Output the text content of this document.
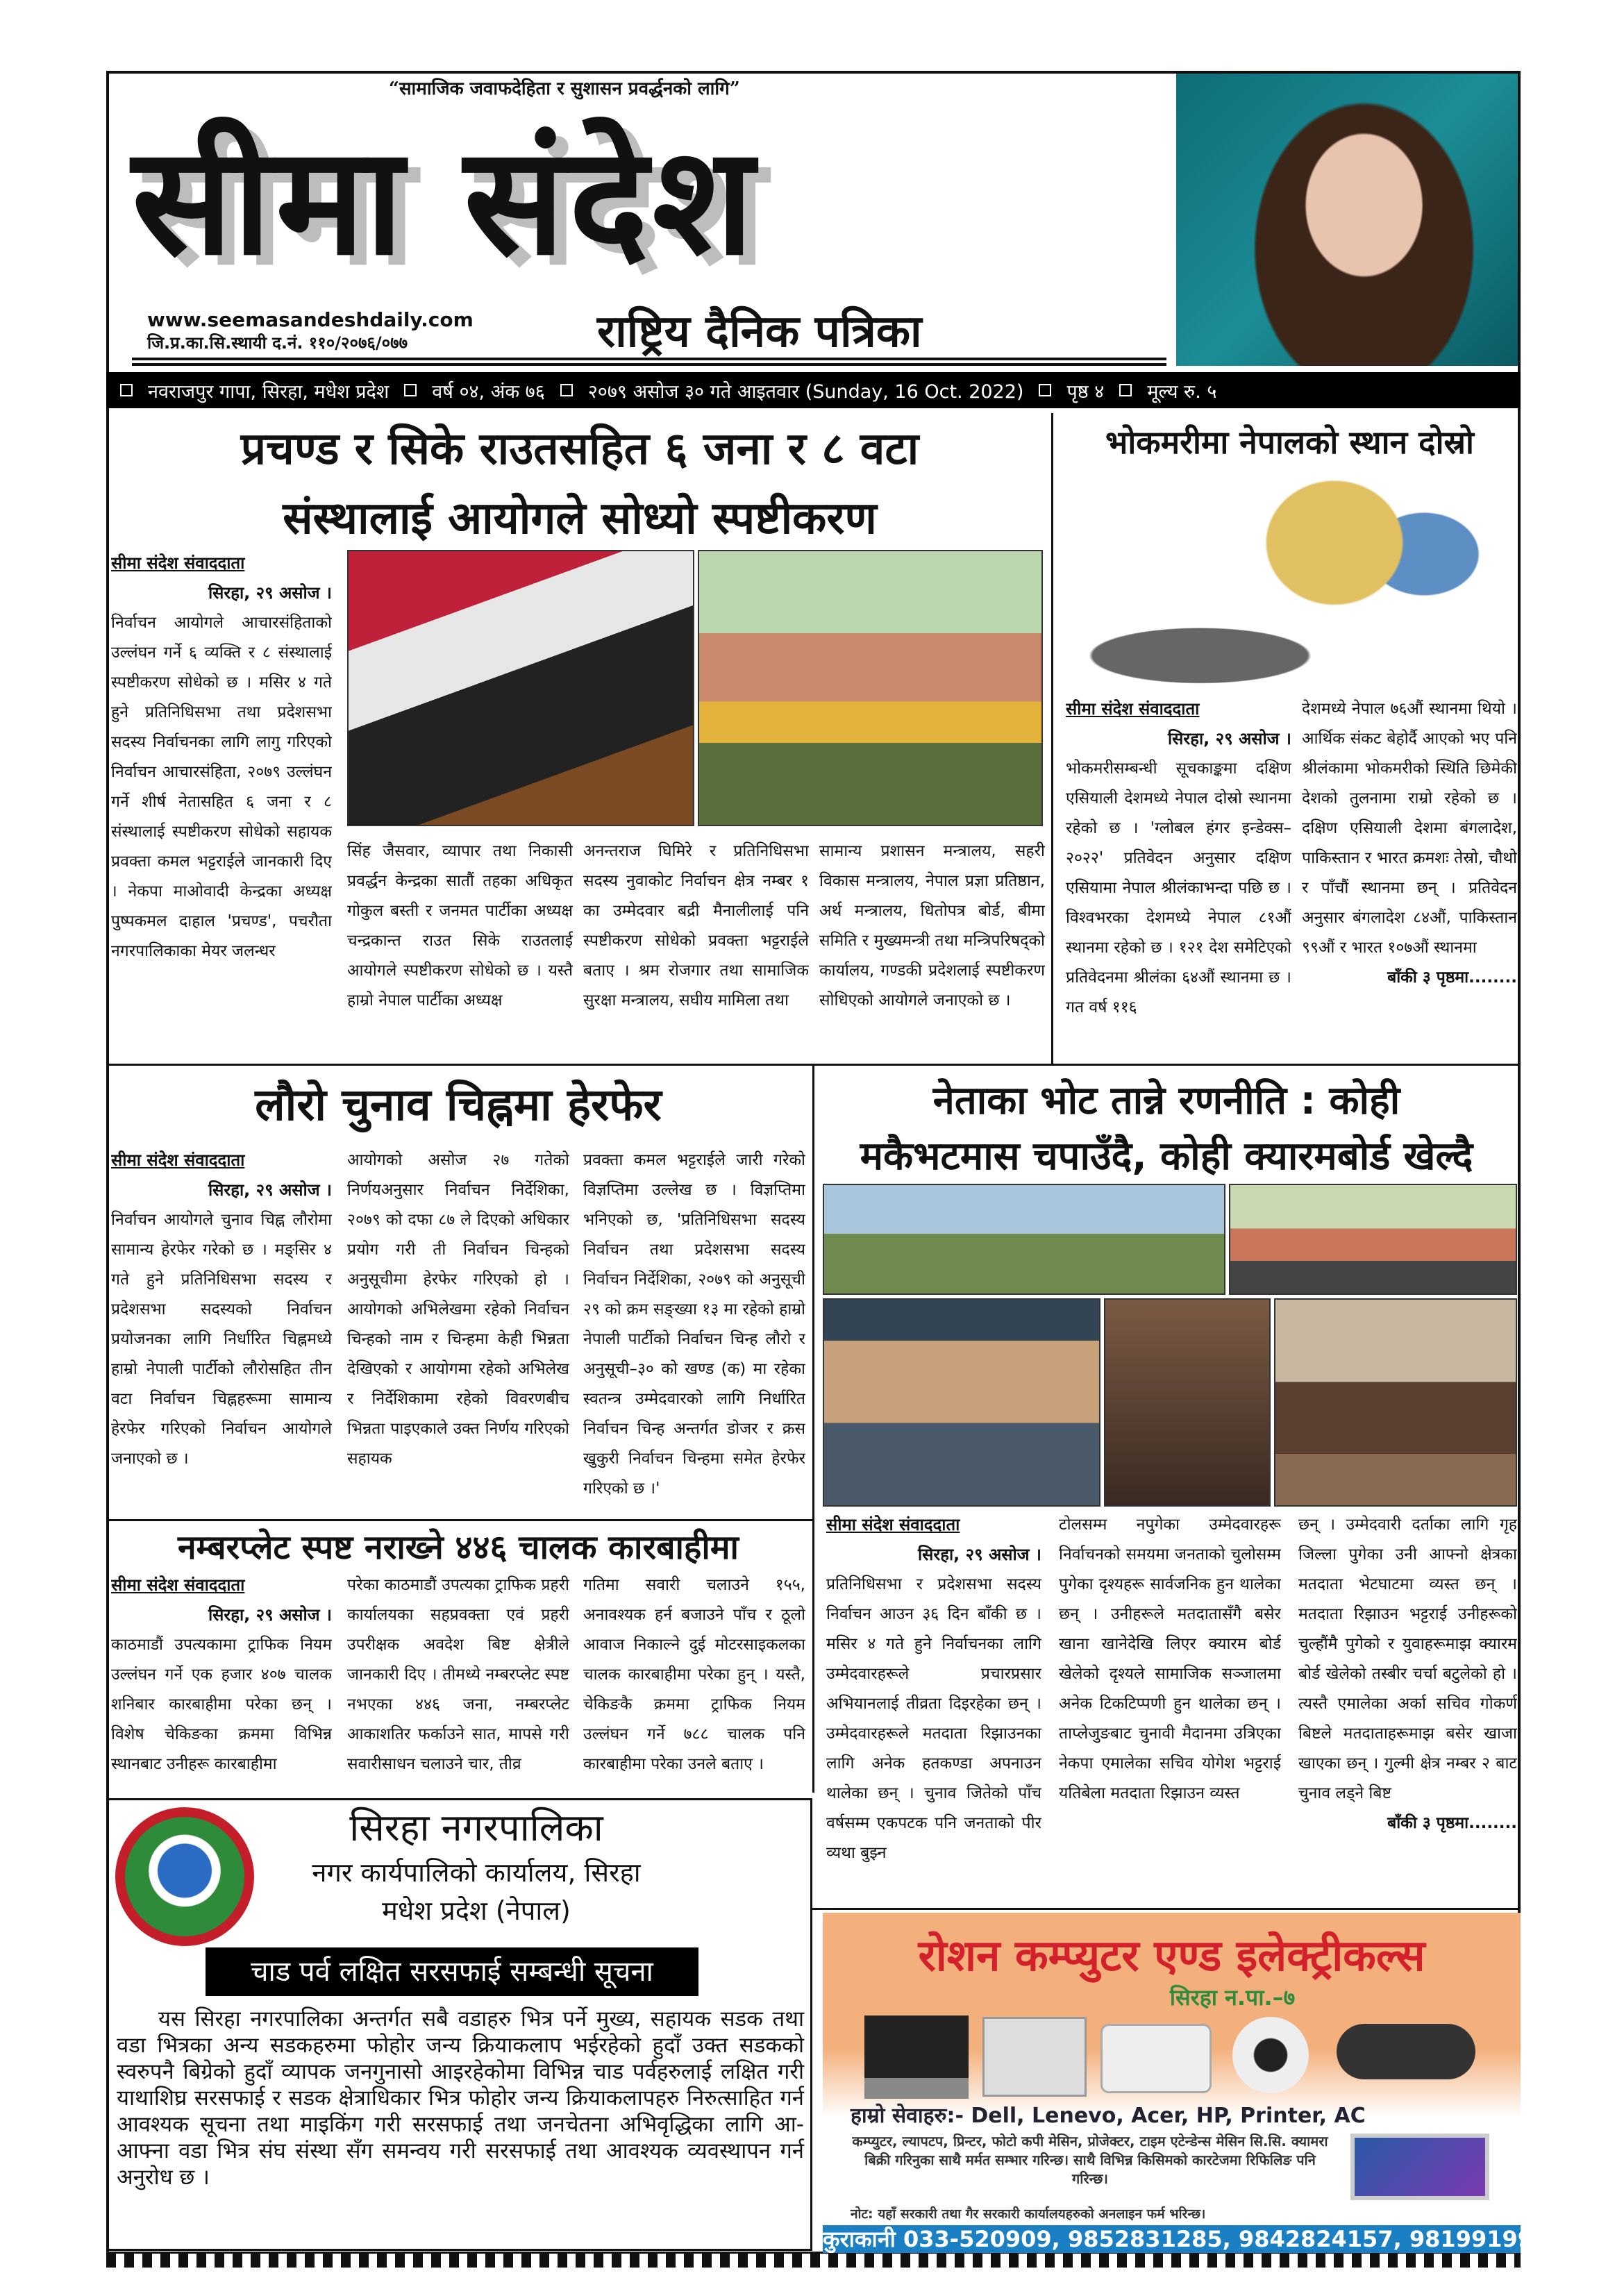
“सामाजिक जवाफदेहिता र सुशासन प्रवर्द्धनको लागि”
सीमा संदेश
www.seemasandeshdaily.com
जि.प्र.का.सि.स्थायी द.नं. ११०/२०७६/०७७	राष्ट्रिय दैनिक पत्रिका
नवराजपुर गापा, सिरहा, मधेश प्रदेश वर्ष ०४, अंक ७६ २०७९ असोज ३० गते आइतवार (Sunday, 16 Oct. 2022) पृष्ठ ४ मूल्य रु. ५
प्रचण्ड र सिके राउतसहित ६ जना र ८ वटा
संस्थालाई आयोगले सोध्यो स्पष्टीकरण
सीमा संदेश संवाददाता
सिरहा, २९ असोज ।
निर्वाचन आयोगले आचारसंहिताको उल्लंघन गर्ने ६ व्यक्ति र ८ संस्थालाई स्पष्टीकरण सोधेको छ । मसिर ४ गते हुने प्रतिनिधिसभा तथा प्रदेशसभा सदस्य निर्वाचनका लागि लागु गरिएको निर्वाचन आचारसंहिता, २०७९ उल्लंघन गर्ने शीर्ष नेतासहित ६ जना र ८ संस्थालाई स्पष्टीकरण सोधेको सहायक प्रवक्ता कमल भट्टराईले जानकारी दिए । नेकपा माओवादी केन्द्रका अध्यक्ष पुष्पकमल दाहाल 'प्रचण्ड', पचरौता नगरपालिकाका मेयर जलन्धर
सिंह जैसवार, व्यापार तथा निकासी प्रवर्द्धन केन्द्रका सातौं तहका अधिकृत गोकुल बस्ती र जनमत पार्टीका अध्यक्ष चन्द्रकान्त राउत सिके राउतलाई आयोगले स्पष्टीकरण सोधेको छ । यस्तै हाम्रो नेपाल पार्टीका अध्यक्ष
अनन्तराज घिमिरे र प्रतिनिधिसभा सदस्य नुवाकोट निर्वाचन क्षेत्र नम्बर १ का उम्मेदवार बद्री मैनालीलाई पनि स्पष्टीकरण सोधेको प्रवक्ता भट्टराईले बताए । श्रम रोजगार तथा सामाजिक सुरक्षा मन्त्रालय, सघीय मामिला तथा
सामान्य प्रशासन मन्त्रालय, सहरी विकास मन्त्रालय, नेपाल प्रज्ञा प्रतिष्ठान, अर्थ मन्त्रालय, धितोपत्र बोर्ड, बीमा समिति र मुख्यमन्त्री तथा मन्त्रिपरिषद्को कार्यालय, गण्डकी प्रदेशलाई स्पष्टीकरण सोधिएको आयोगले जनाएको छ ।
भोकमरीमा नेपालको स्थान दोस्रो
सीमा संदेश संवाददाता
सिरहा, २९ असोज ।
भोकमरीसम्बन्धी सूचकाङ्कमा दक्षिण एसियाली देशमध्ये नेपाल दोस्रो स्थानमा रहेको छ । 'ग्लोबल हंगर इन्डेक्स–२०२२' प्रतिवेदन अनुसार दक्षिण एसियामा नेपाल श्रीलंकाभन्दा पछि छ । विश्वभरका देशमध्ये नेपाल ८१औं स्थानमा रहेको छ । १२१ देश समेटिएको प्रतिवेदनमा श्रीलंका ६४औं स्थानमा छ । गत वर्ष ११६
देशमध्ये नेपाल ७६औं स्थानमा थियो । आर्थिक संकट बेहोर्दै आएको भए पनि श्रीलंकामा भोकमरीको स्थिति छिमेकी देशको तुलनामा राम्रो रहेको छ । दक्षिण एसियाली देशमा बंगलादेश, पाकिस्तान र भारत क्रमशः तेस्रो, चौथो र पाँचौं स्थानमा छन् । प्रतिवेदन अनुसार बंगलादेश ८४औं, पाकिस्तान ९९औं र भारत १०७औं स्थानमा
बाँकी ३ पृष्ठमा........
लौरो चुनाव चिह्नमा हेरफेर
सीमा संदेश संवाददाता
सिरहा, २९ असोज ।
निर्वाचन आयोगले चुनाव चिह्न लौरोमा सामान्य हेरफेर गरेको छ । मङ्सिर ४ गते हुने प्रतिनिधिसभा सदस्य र प्रदेशसभा सदस्यको निर्वाचन प्रयोजनका लागि निर्धारित चिह्नमध्ये हाम्रो नेपाली पार्टीको लौरोसहित तीन वटा निर्वाचन चिह्नहरूमा सामान्य हेरफेर गरिएको निर्वाचन आयोगले जनाएको छ ।
आयोगको असोज २७ गतेको निर्णयअनुसार निर्वाचन निर्देशिका, २०७९ को दफा ८७ ले दिएको अधिकार प्रयोग गरी ती निर्वाचन चिन्हको अनुसूचीमा हेरफेर गरिएको हो । आयोगको अभिलेखमा रहेको निर्वाचन चिन्हको नाम र चिन्हमा केही भिन्नता देखिएको र आयोगमा रहेको अभिलेख र निर्देशिकामा रहेको विवरणबीच भिन्नता पाइएकाले उक्त निर्णय गरिएको सहायक
प्रवक्ता कमल भट्टराईले जारी गरेको विज्ञप्तिमा उल्लेख छ । विज्ञप्तिमा भनिएको छ, 'प्रतिनिधिसभा सदस्य निर्वाचन तथा प्रदेशसभा सदस्य निर्वाचन निर्देशिका, २०७९ को अनुसूची २९ को क्रम सङ्ख्या १३ मा रहेको हाम्रो नेपाली पार्टीको निर्वाचन चिन्ह लौरो र अनुसूची–३० को खण्ड (क) मा रहेका स्वतन्त्र उम्मेदवारको लागि निर्धारित निर्वाचन चिन्ह अन्तर्गत डोजर र क्रस खुकुरी निर्वाचन चिन्हमा समेत हेरफेर गरिएको छ ।'
नम्बरप्लेट स्पष्ट नराख्ने ४४६ चालक कारबाहीमा
सीमा संदेश संवाददाता
सिरहा, २९ असोज ।
काठमाडौं उपत्यकामा ट्राफिक नियम उल्लंघन गर्ने एक हजार ४०७ चालक शनिबार कारबाहीमा परेका छन् । विशेष चेकिङका क्रममा विभिन्न स्थानबाट उनीहरू कारबाहीमा
परेका काठमाडौं उपत्यका ट्राफिक प्रहरी कार्यालयका सहप्रवक्ता एवं प्रहरी उपरीक्षक अवदेश बिष्ट क्षेत्रीले जानकारी दिए । तीमध्ये नम्बरप्लेट स्पष्ट नभएका ४४६ जना, नम्बरप्लेट आकाशतिर फर्काउने सात, मापसे गरी सवारीसाधन चलाउने चार, तीव्र
गतिमा सवारी चलाउने १५५, अनावश्यक हर्न बजाउने पाँच र ठूलो आवाज निकाल्ने दुई मोटरसाइकलका चालक कारबाहीमा परेका हुन् । यस्तै, चेकिङकै क्रममा ट्राफिक नियम उल्लंघन गर्ने ७८८ चालक पनि कारबाहीमा परेका उनले बताए ।
नेताका भोट तान्ने रणनीति : कोही
मकैभटमास चपाउँदै, कोही क्यारमबोर्ड खेल्दै
सीमा संदेश संवाददाता
सिरहा, २९ असोज ।
प्रतिनिधिसभा र प्रदेशसभा सदस्य निर्वाचन आउन ३६ दिन बाँकी छ । मसिर ४ गते हुने निर्वाचनका लागि उम्मेदवारहरूले प्रचारप्रसार अभियानलाई तीव्रता दिइरहेका छन् । उम्मेदवारहरूले मतदाता रिझाउनका लागि अनेक हतकण्डा अपनाउन थालेका छन् । चुनाव जितेको पाँच वर्षसम्म एकपटक पनि जनताको पीर व्यथा बुझ्न
टोलसम्म नपुगेका उम्मेदवारहरू निर्वाचनको समयमा जनताको चुलोसम्म पुगेका दृश्यहरू सार्वजनिक हुन थालेका छन् । उनीहरूले मतदातासँगै बसेर खाना खानेदेखि लिएर क्यारम बोर्ड खेलेको दृश्यले सामाजिक सञ्जालमा अनेक टिकटिप्पणी हुन थालेका छन् । ताप्लेजुङबाट चुनावी मैदानमा उत्रिएका नेकपा एमालेका सचिव योगेश भट्टराई यतिबेला मतदाता रिझाउन व्यस्त
छन् । उम्मेदवारी दर्ताका लागि गृह जिल्ला पुगेका उनी आफ्नो क्षेत्रका मतदाता भेटघाटमा व्यस्त छन् । मतदाता रिझाउन भट्टराई उनीहरूको चुल्हौंमै पुगेको र युवाहरूमाझ क्यारम बोर्ड खेलेको तस्बीर चर्चा बटुलेको हो । त्यस्तै एमालेका अर्का सचिव गोकर्ण बिष्टले मतदाताहरूमाझ बसेर खाजा खाएका छन् । गुल्मी क्षेत्र नम्बर २ बाट चुनाव लड्ने बिष्ट
बाँकी ३ पृष्ठमा........
सिरहा नगरपालिका
नगर कार्यपालिको कार्यालय, सिरहा
मधेश प्रदेश (नेपाल)
चाड पर्व लक्षित सरसफाई सम्बन्धी सूचना
यस सिरहा नगरपालिका अन्तर्गत सबै वडाहरु भित्र पर्ने मुख्य, सहायक सडक तथा वडा भित्रका अन्य सडकहरुमा फोहोर जन्य क्रियाकलाप भईरहेको हुदाँ उक्त सडकको स्वरुपनै बिग्रेको हुदाँ व्यापक जनगुनासो आइरहेकोमा विभिन्न चाड पर्वहरुलाई लक्षित गरी याथाशिघ्र सरसफाई र सडक क्षेत्राधिकार भित्र फोहोर जन्य क्रियाकलापहरु निरुत्साहित गर्न आवश्यक सूचना तथा माइकिंग गरी सरसफाई तथा जनचेतना अभिवृद्धिका लागि आ-आफ्ना वडा भित्र संघ संस्था सँग समन्वय गरी सरसफाई तथा आवश्यक व्यवस्थापन गर्न अनुरोध छ ।
रोशन कम्प्युटर एण्ड इलेक्ट्रीकल्स
सिरहा न.पा.–७
हाम्रो सेवाहरु:- Dell, Lenevo, Acer, HP, Printer, AC
कम्प्युटर, ल्यापटप, प्रिन्टर, फोटो कपी मेसिन, प्रोजेक्टर, टाइम एटेन्डेन्स मेसिन सि.सि. क्यामरा बिक्री गरिनुका साथै मर्मत सम्भार गरिन्छ। साथै विभिन्न किसिमको कारटेजमा रिफिलिङ पनि गरिन्छ।
नोट: यहाँ सरकारी तथा गैर सरकारी कार्यालयहरुको अनलाइन फर्म भरिन्छ।
कुराकानी 033-520909, 9852831285, 9842824157, 9819919967
